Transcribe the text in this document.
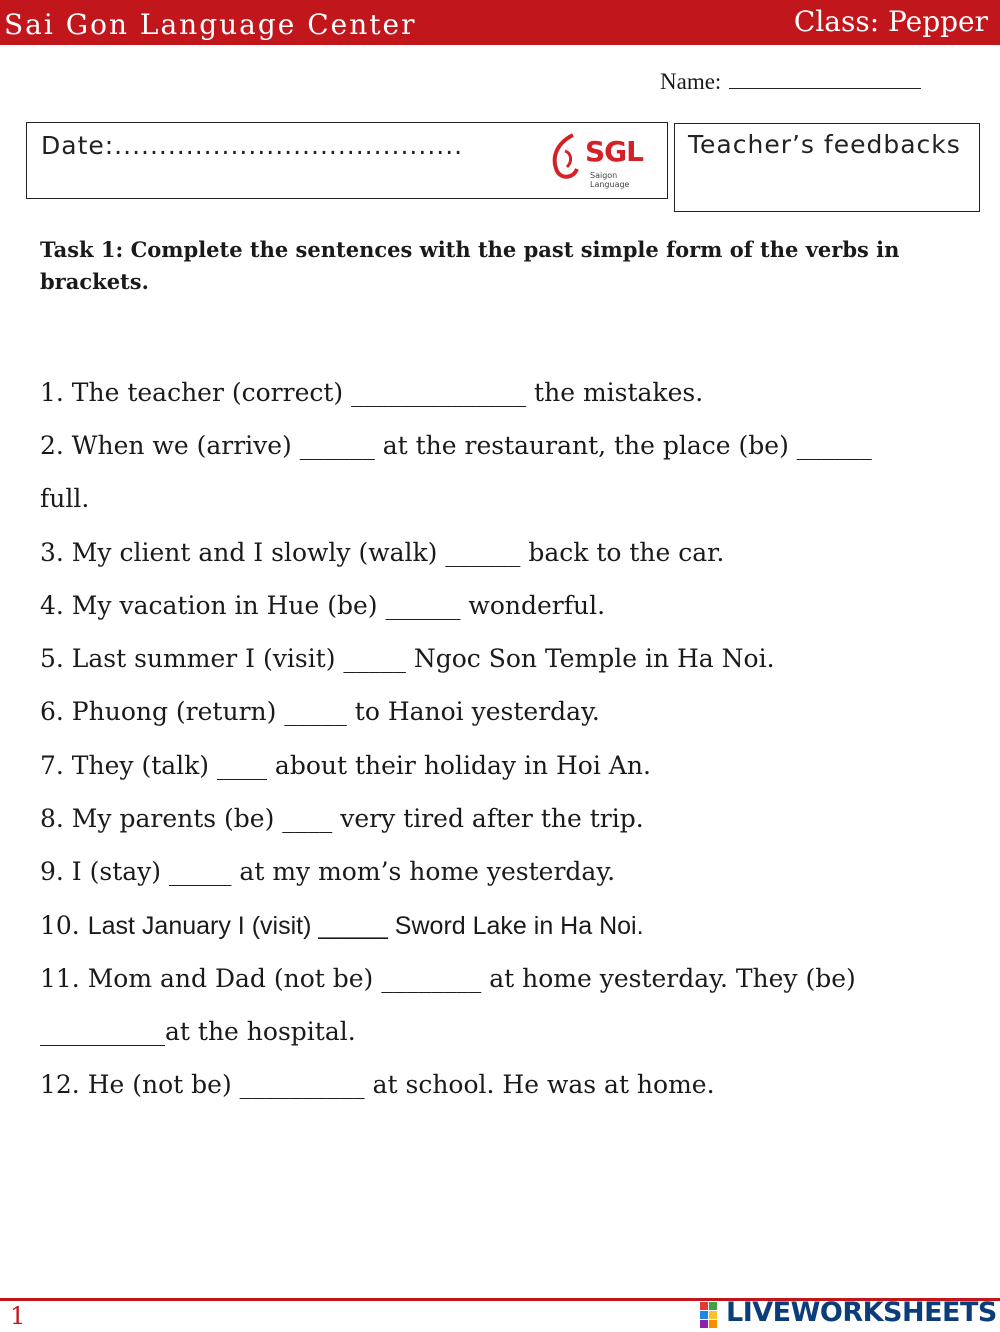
Sai Gon Language Center	Class: Pepper
Name:
Date:.......................................	SGL
Saigon Language
Teacher’s feedbacks
Task 1: Complete the sentences with the past simple form of the verbs in brackets.
1. The teacher (correct) ______________ the mistakes.
2. When we (arrive) ______ at the restaurant, the place (be) ______
full.
3. My client and I slowly (walk) ______ back to the car.
4. My vacation in Hue (be) ______ wonderful.
5. Last summer I (visit) _____ Ngoc Son Temple in Ha Noi.
6. Phuong (return) _____ to Hanoi yesterday.
7. They (talk) ____ about their holiday in Hoi An.
8. My parents (be) ____ very tired after the trip.
9. I (stay) _____ at my mom’s home yesterday.
10. Last January I (visit) _____ Sword Lake in Ha Noi.
11. Mom and Dad (not be) ________ at home yesterday. They (be)
__________at the hospital.
12. He (not be) __________ at school. He was at home.
1	LIVEWORKSHEETS
